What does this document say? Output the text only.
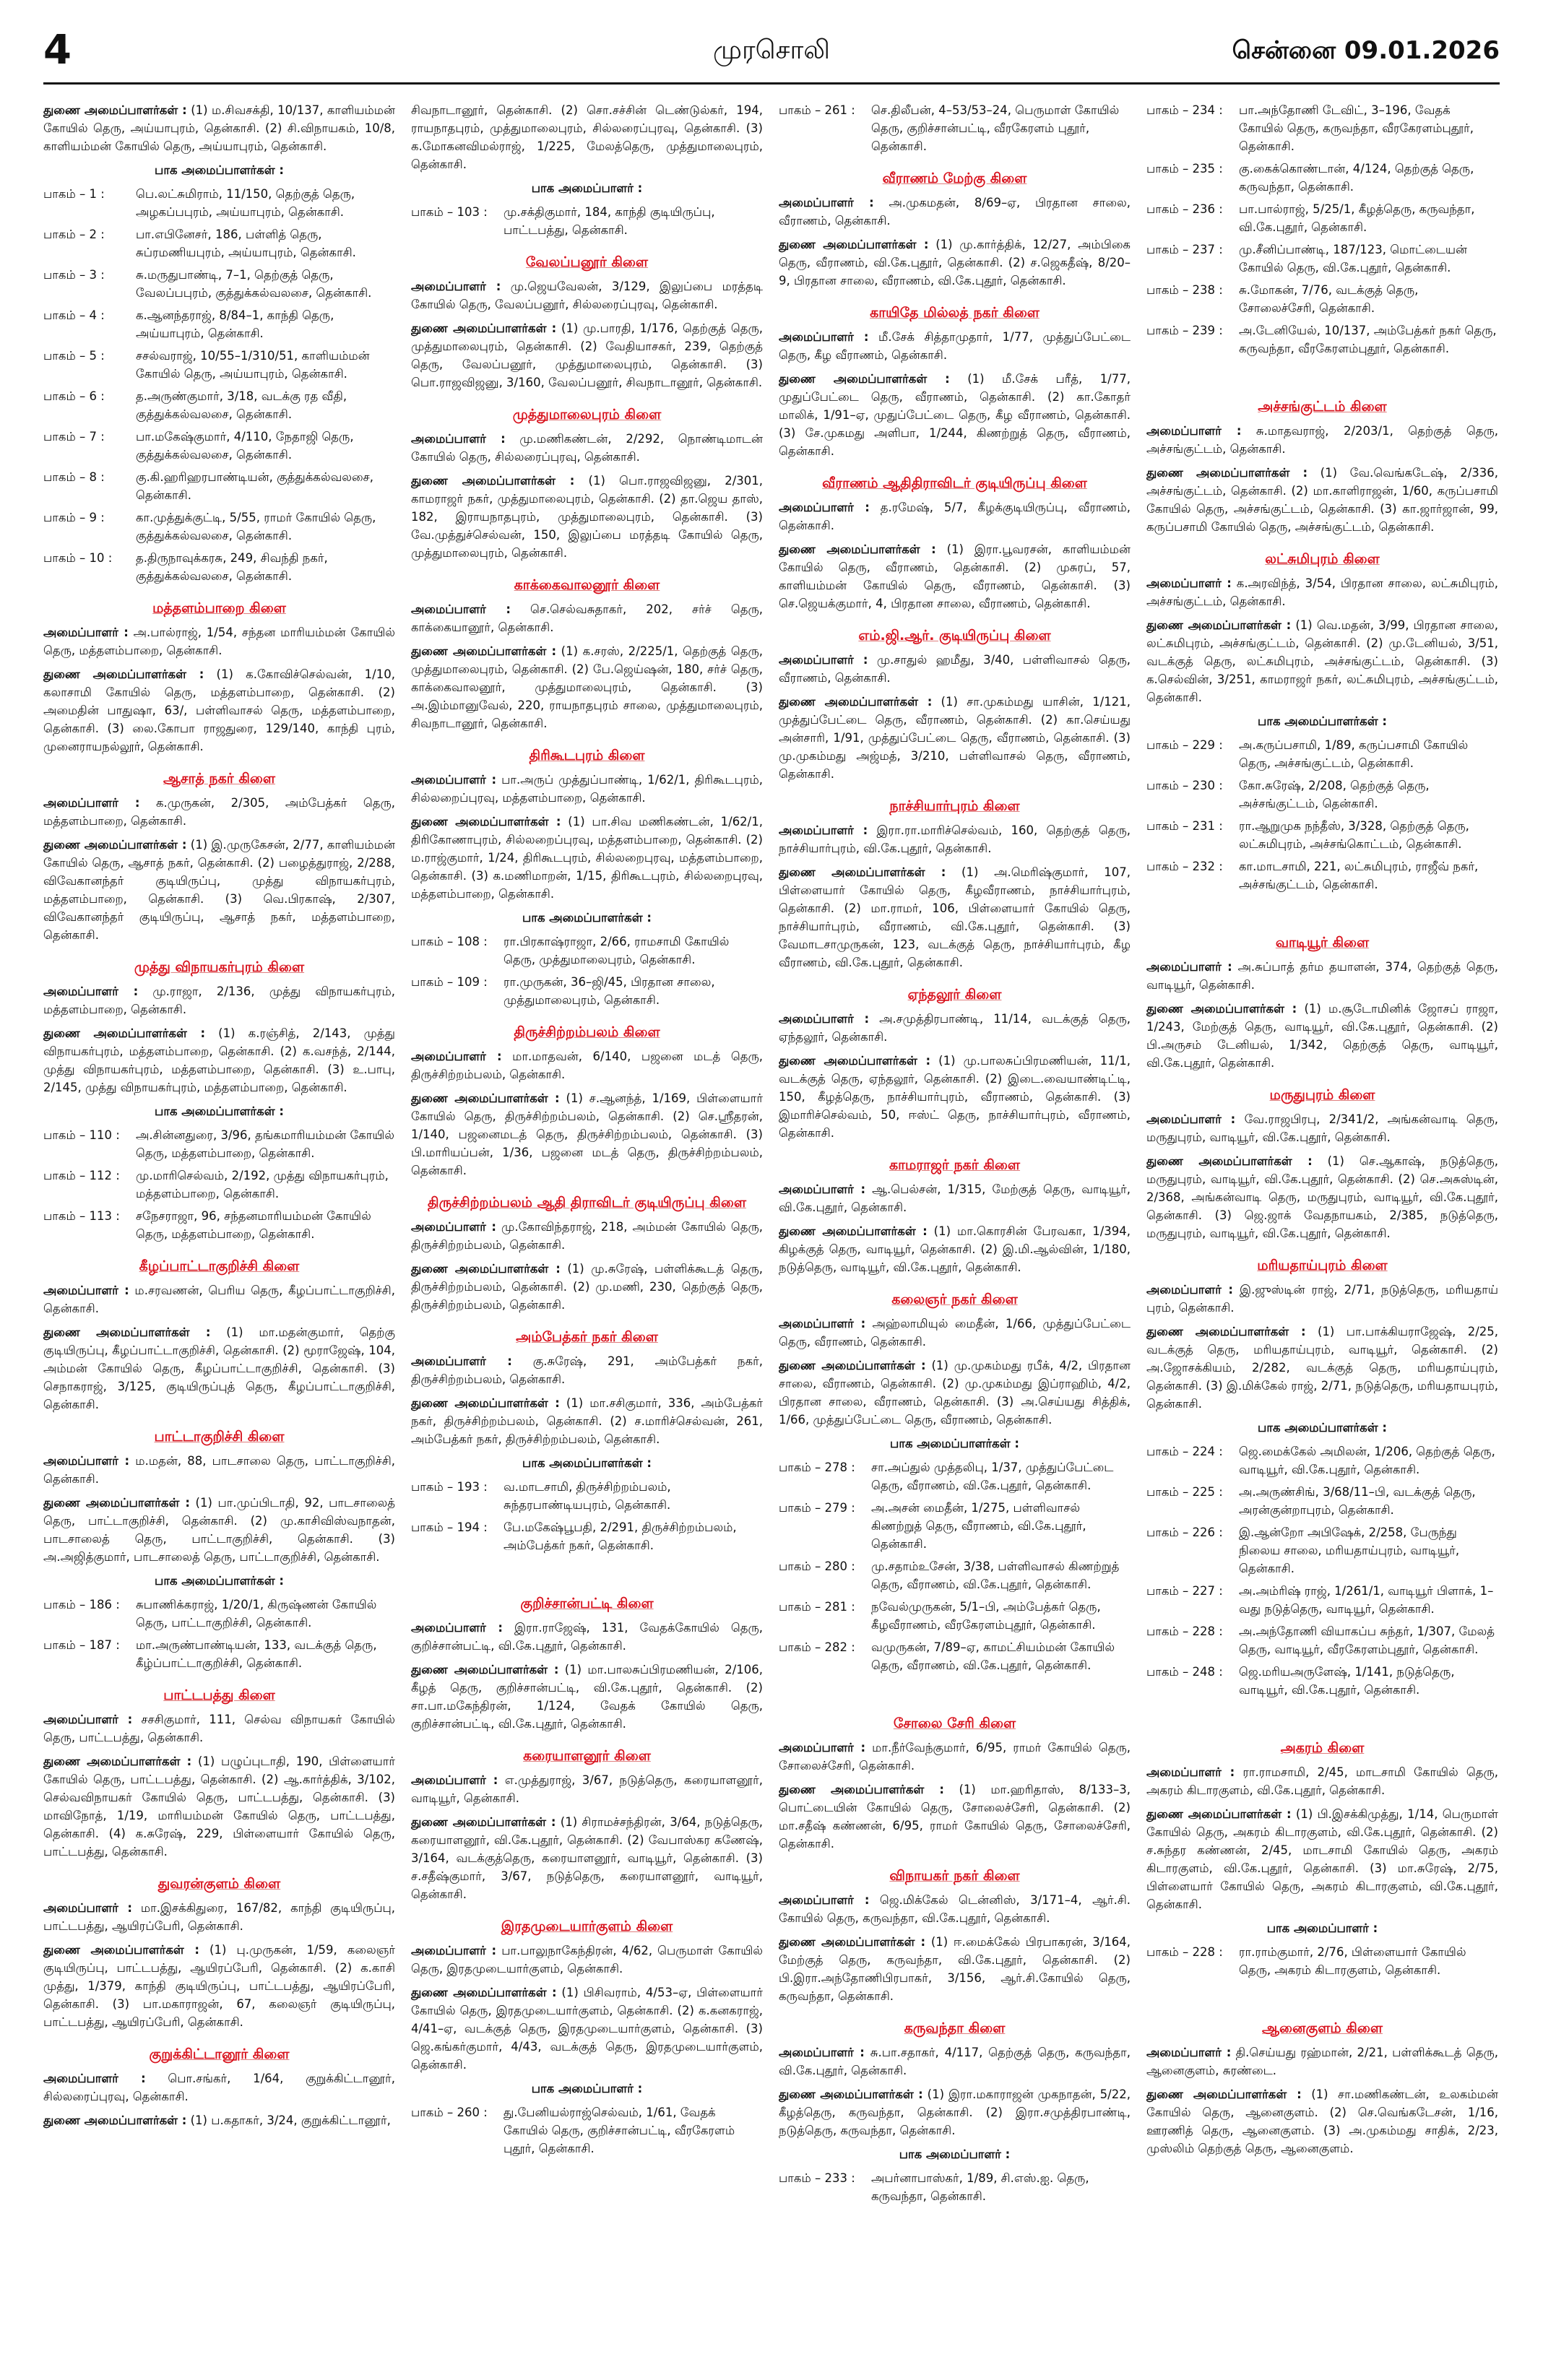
4	முரசொலி	சென்னை 09.01.2026

துணை அமைப்பாளர்கள் : (1) ம.சிவசக்தி, 10/137, காளியம்மன் கோயில் தெரு, அய்யாபுரம், தென்காசி. (2) சி.விநாயகம், 10/8, காளியம்மன் கோயில் தெரு, அய்யாபுரம், தென்காசி.

பாக அமைப்பாளர்கள் :
பாகம் – 1 :	பெ.லட்சுமிராம், 11/150, தெற்குத் தெரு, அழகப்பபுரம், அய்யாபுரம், தென்காசி.
பாகம் – 2 :	பா.எபினேசர், 186, பள்ளித் தெரு, சுப்ரமணியபுரம், அய்யாபுரம், தென்காசி.
பாகம் – 3 :	சு.மருதுபாண்டி, 7–1, தெற்குத் தெரு, வேலப்பபுரம், குத்துக்கல்வலசை, தென்காசி.
பாகம் – 4 :	க.ஆனந்தராஜ், 8/84–1, காந்தி தெரு, அய்யாபுரம், தென்காசி.
பாகம் – 5 :	சசல்வராஜ், 10/55–1/310/51, காளியம்மன் கோயில் தெரு, அய்யாபுரம், தென்காசி.
பாகம் – 6 :	த.அருண்குமார், 3/18, வடக்கு ரத வீதி, குத்துக்கல்வலசை, தென்காசி.
பாகம் – 7 :	பா.மகேஷ்குமார், 4/110, நேதாஜி தெரு, குத்துக்கல்வலசை, தென்காசி.
பாகம் – 8 :	கு.கி.ஹரிஹரபாண்டியன், குத்துக்கல்வலசை, தென்காசி.
பாகம் – 9 :	கா.முத்துக்குட்டி, 5/55, ராமர் கோயில் தெரு, குத்துக்கல்வலசை, தென்காசி.
பாகம் – 10 :	த.திருநாவுக்கரசு, 249, சிவந்தி நகர், குத்துக்கல்வலசை, தென்காசி.
மத்தளம்பாறை கிளை

அமைப்பாளர் : அ.பால்ராஜ், 1/54, சந்தன மாரியம்மன் கோயில் தெரு, மத்தளம்பாறை, தென்காசி.

துணை அமைப்பாளர்கள் : (1) க.கோவிச்செல்வன், 1/10, கலாசாமி கோயில் தெரு, மத்தளம்பாறை, தென்காசி. (2) அமைதின் பாதுஷா, 63/, பள்ளிவாசல் தெரு, மத்தளம்பாறை, தென்காசி. (3) லை.கோபா ராஜதுரை, 129/140, காந்தி புரம், முனைராயநல்லூர், தென்காசி.

ஆசாத் நகர் கிளை

அமைப்பாளர் : க.முருகன், 2/305, அம்பேத்கர் தெரு, மத்தளம்பாறை, தென்காசி.

துணை அமைப்பாளர்கள் : (1) இ.முருகேசன், 2/77, காளியம்மன் கோயில் தெரு, ஆசாத் நகர், தென்காசி. (2) பழைத்துராஜ், 2/288, விவேகானந்தர் குடியிருப்பு, முத்து விநாயகர்புரம், மத்தளம்பாறை, தென்காசி. (3) வெ.பிரகாஷ், 2/307, விவேகானந்தர் குடியிருப்பு, ஆசாத் நகர், மத்தளம்பாறை, தென்காசி.

முத்து விநாயகர்புரம் கிளை

அமைப்பாளர் : மு.ராஜா, 2/136, முத்து விநாயகர்புரம், மத்தளம்பாறை, தென்காசி.

துணை அமைப்பாளர்கள் : (1) க.ரஞ்சித், 2/143, முத்து விநாயகர்புரம், மத்தளம்பாறை, தென்காசி. (2) க.வசந்த், 2/144, முத்து விநாயகர்புரம், மத்தளம்பாறை, தென்காசி. (3) உ.பாபு, 2/145, முத்து விநாயகர்புரம், மத்தளம்பாறை, தென்காசி.

பாக அமைப்பாளர்கள் :
பாகம் – 110 :	அ.சின்னதுரை, 3/96, தங்கமாரியம்மன் கோயில் தெரு, மத்தளம்பாறை, தென்காசி.
பாகம் – 112 :	மு.மாரிசெல்வம், 2/192, முத்து விநாயகர்புரம், மத்தளம்பாறை, தென்காசி.
பாகம் – 113 :	சநேசராஜா, 96, சந்தனமாரியம்மன் கோயில் தெரு, மத்தளம்பாறை, தென்காசி.
கீழப்பாட்டாகுறிச்சி கிளை

அமைப்பாளர் : ம.சரவணன், பெரிய தெரு, கீழப்பாட்டாகுறிச்சி, தென்காசி.

துணை அமைப்பாளர்கள் : (1) மா.மதன்குமார், தெற்கு குடியிருப்பு, கீழப்பாட்டாகுறிச்சி, தென்காசி. (2) மூராஜேஷ், 104, அம்மன் கோயில் தெரு, கீழப்பாட்டாகுறிச்சி, தென்காசி. (3) செநாகராஜ், 3/125, குடியிருப்புத் தெரு, கீழப்பாட்டாகுறிச்சி, தென்காசி.

பாட்டாகுறிச்சி கிளை

அமைப்பாளர் : ம.மதன், 88, பாடசாலை தெரு, பாட்டாகுறிச்சி, தென்காசி.

துணை அமைப்பாளர்கள் : (1) பா.முப்பிடாதி, 92, பாடசாலைத் தெரு, பாட்டாகுறிச்சி, தென்காசி. (2) மு.காசிவிஸ்வநாதன், பாடசாலைத் தெரு, பாட்டாகுறிச்சி, தென்காசி. (3) அ.அஜித்குமார், பாடசாலைத் தெரு, பாட்டாகுறிச்சி, தென்காசி.

பாக அமைப்பாளர்கள் :
பாகம் – 186 :	சுபாணிக்கராஜ், 1/20/1, கிருஷ்ணன் கோயில் தெரு, பாட்டாகுறிச்சி, தென்காசி.
பாகம் – 187 :	மா.அருண்பாண்டியன், 133, வடக்குத் தெரு, கீழ்ப்பாட்டாகுறிச்சி, தென்காசி.
பாட்டபத்து கிளை

அமைப்பாளர் : சசசிகுமார், 111, செல்வ விநாயகர் கோயில் தெரு, பாட்டபத்து, தென்காசி.

துணை அமைப்பாளர்கள் : (1) பழுப்புடாதி, 190, பிள்ளையார் கோயில் தெரு, பாட்டபத்து, தென்காசி. (2) ஆ.கார்த்திக், 3/102, செல்வவிநாயகர் கோயில் தெரு, பாட்டபத்து, தென்காசி. (3) மாவிநோத், 1/19, மாரியம்மன் கோயில் தெரு, பாட்டபத்து, தென்காசி. (4) க.சுரேஷ், 229, பிள்ளையார் கோயில் தெரு, பாட்டபத்து, தென்காசி.

துவரன்குளம் கிளை

அமைப்பாளர் : மா.இசக்கிதுரை, 167/82, காந்தி குடியிருப்பு, பாட்டபத்து, ஆயிரப்பேரி, தென்காசி.

துணை அமைப்பாளர்கள் : (1) பு.முருகன், 1/59, கலைஞர் குடியிருப்பு, பாட்டபத்து, ஆயிரப்பேரி, தென்காசி. (2) க.காசி முத்து, 1/379, காந்தி குடியிருப்பு, பாட்டபத்து, ஆயிரப்பேரி, தென்காசி. (3) பா.மகாராஜன், 67, கலைஞர் குடியிருப்பு, பாட்டபத்து, ஆயிரப்பேரி, தென்காசி.

குறுக்கிட்டானூர் கிளை

அமைப்பாளர் : பொ.சங்கர், 1/64, குறுக்கிட்டானூர், சில்லரைப்புரவு, தென்காசி.

துணை அமைப்பாளர்கள் : (1) ப.கதாகர், 3/24, குறுக்கிட்டானூர்,

சிவநாடானூர், தென்காசி. (2) சொ.சச்சின் டெண்டுல்கர், 194, ராயநாதபுரம், முத்துமாலைபுரம், சில்லரைப்புரவு, தென்காசி. (3) க.மோகனவிமல்ராஜ், 1/225, மேலத்தெரு, முத்துமாலைபுரம், தென்காசி.

பாக அமைப்பாளர் :
பாகம் – 103 :	மு.சக்திகுமார், 184, காந்தி குடியிருப்பு, பாட்டபத்து, தென்காசி.
வேலப்பனூர் கிளை

அமைப்பாளர் : மு.ஜெயவேலன், 3/129, இலுப்பை மரத்தடி கோயில் தெரு, வேலப்பனூர், சில்லரைப்புரவு, தென்காசி.

துணை அமைப்பாளர்கள் : (1) மு.பாரதி, 1/176, தெற்குத் தெரு, முத்துமாலைபுரம், தென்காசி. (2) வேதியாசகர், 239, தெற்குத் தெரு, வேலப்பனூர், முத்துமாலைபுரம், தென்காசி. (3) பொ.ராஜவிஜனு, 3/160, வேலப்பனூர், சிவநாடானூர், தென்காசி.

முத்துமாலைபுரம் கிளை

அமைப்பாளர் : மு.மணிகண்டன், 2/292, நொண்டிமாடன் கோயில் தெரு, சில்லரைப்புரவு, தென்காசி.

துணை அமைப்பாளர்கள் : (1) பொ.ராஜவிஜனு, 2/301, காமராஜர் நகர், முத்துமாலைபுரம், தென்காசி. (2) தா.ஜெய தாஸ், 182, இராயநாதபுரம், முத்துமாலைபுரம், தென்காசி. (3) வே.முத்துச்செல்வன், 150, இலுப்பை மரத்தடி கோயில் தெரு, முத்துமாலைபுரம், தென்காசி.

காக்கைவாலனூர் கிளை

அமைப்பாளர் : செ.செல்வசுதாகர், 202, சர்ச் தெரு, காக்கையானூர், தென்காசி.

துணை அமைப்பாளர்கள் : (1) க.சரஸ், 2/225/1, தெற்குத் தெரு, முத்துமாலைபுரம், தென்காசி. (2) பே.ஜெய்ஷன், 180, சர்ச் தெரு, காக்கைவாலனூர், முத்துமாலைபுரம், தென்காசி. (3) அ.இம்மானுவேல், 220, ராயநாதபுரம் சாலை, முத்துமாலைபுரம், சிவநாடானூர், தென்காசி.

திரிகூடபுரம் கிளை

அமைப்பாளர் : பா.அருப் முத்துப்பாண்டி, 1/62/1, திரிகூடபுரம், சில்லறைப்புரவு, மத்தளம்பாறை, தென்காசி.

துணை அமைப்பாளர்கள் : (1) பா.சிவ மணிகண்டன், 1/62/1, திரிகோணாபுரம், சில்லறைப்புரவு, மத்தளம்பாறை, தென்காசி. (2) ம.ராஜ்குமார், 1/24, திரிகூடபுரம், சில்லறைபுரவு, மத்தளம்பாறை, தென்காசி. (3) க.மணிமாறன், 1/15, திரிகூடபுரம், சில்லறைபுரவு, மத்தளம்பாறை, தென்காசி.

பாக அமைப்பாளர்கள் :
பாகம் – 108 :	ரா.பிரகாஷ்ராஜா, 2/66, ராமசாமி கோயில் தெரு, முத்துமாலைபுரம், தென்காசி.
பாகம் – 109 :	ரா.முருகன், 36–ஜி/45, பிரதான சாலை, முத்துமாலைபுரம், தென்காசி.
திருச்சிற்றம்பலம் கிளை

அமைப்பாளர் : மா.மாதவன், 6/140, பஜனை மடத் தெரு, திருச்சிற்றம்பலம், தென்காசி.

துணை அமைப்பாளர்கள் : (1) ச.ஆனந்த், 1/169, பிள்ளையார் கோயில் தெரு, திருச்சிற்றம்பலம், தென்காசி. (2) செ.ஸ்ரீதரன், 1/140, பஜனைமடத் தெரு, திருச்சிற்றம்பலம், தென்காசி. (3) பி.மாரியப்பன், 1/36, பஜனை மடத் தெரு, திருச்சிற்றம்பலம், தென்காசி.

திருச்சிற்றம்பலம் ஆதி திராவிடர் குடியிருப்பு கிளை

அமைப்பாளர் : மு.கோவிந்தராஜ், 218, அம்மன் கோயில் தெரு, திருச்சிற்றம்பலம், தென்காசி.

துணை அமைப்பாளர்கள் : (1) மு.சுரேஷ், பள்ளிக்கூடத் தெரு, திருச்சிற்றம்பலம், தென்காசி. (2) மு.மணி, 230, தெற்குத் தெரு, திருச்சிற்றம்பலம், தென்காசி.

அம்பேத்கர் நகர் கிளை

அமைப்பாளர் : கு.சுரேஷ், 291, அம்பேத்கர் நகர், திருச்சிற்றம்பலம், தென்காசி.

துணை அமைப்பாளர்கள் : (1) மா.சசிகுமார், 336, அம்பேத்கர் நகர், திருச்சிற்றம்பலம், தென்காசி. (2) ச.மாரிச்செல்வன், 261, அம்பேத்கர் நகர், திருச்சிற்றம்பலம், தென்காசி.

பாக அமைப்பாளர்கள் :
பாகம் – 193 :	வ.மாடசாமி, திருச்சிற்றம்பலம், சுந்தரபாண்டியபுரம், தென்காசி.
பாகம் – 194 :	பே.மகேஷ்பூபதி, 2/291, திருச்சிற்றம்பலம், அம்பேத்கர் நகர், தென்காசி.
குறிச்சான்பட்டி கிளை

அமைப்பாளர் : இரா.ராஜேஷ், 131, வேதக்கோயில் தெரு, குறிச்சான்பட்டி, வி.கே.புதூர், தென்காசி.

துணை அமைப்பாளர்கள் : (1) மா.பாலசுப்பிரமணியன், 2/106, கீழத் தெரு, குறிச்சான்பட்டி, வி.கே.புதூர், தென்காசி. (2) சா.பா.மகேந்திரன், 1/124, வேதக் கோயில் தெரு, குறிச்சான்பட்டி, வி.கே.புதூர், தென்காசி.

கரையாளனூர் கிளை

அமைப்பாளர் : எ.முத்துராஜ், 3/67, நடுத்தெரு, கரையாளனூர், வாடியூர், தென்காசி.

துணை அமைப்பாளர்கள் : (1) சிராமச்சந்திரன், 3/64, நடுத்தெரு, கரையாளனூர், வி.கே.புதூர், தென்காசி. (2) வேபாஸ்கர கணேஷ், 3/164, வடக்குத்தெரு, கரையாளனூர், வாடியூர், தென்காசி. (3) ச.சதீஷ்குமார், 3/67, நடுத்தெரு, கரையாளனூர், வாடியூர், தென்காசி.

இரதமுடையார்குளம் கிளை

அமைப்பாளர் : பா.பாலுநாகேந்திரன், 4/62, பெருமாள் கோயில் தெரு, இரதமுடையார்குளம், தென்காசி.

துணை அமைப்பாளர்கள் : (1) பிசிவராம், 4/53–ஏ, பிள்ளையார் கோயில் தெரு, இரதமுடையார்குளம், தென்காசி. (2) க.கனகராஜ், 4/41–ஏ, வடக்குத் தெரு, இரதமுடையார்குளம், தென்காசி. (3) ஜெ.கங்கர்குமார், 4/43, வடக்குத் தெரு, இரதமுடையார்குளம், தென்காசி.

பாக அமைப்பாளர் :
பாகம் – 260 :	து.பேனியல்ராஜ்செல்வம், 1/61, வேதக் கோயில் தெரு, குறிச்சான்பட்டி, வீரகேரளம் புதூர், தென்காசி.
பாகம் – 261 :	செ.திலீபன், 4–53/53–24, பெருமாள் கோயில் தெரு, குறிச்சான்பட்டி, வீரகேரளம் புதூர், தென்காசி.
வீராணம் மேற்கு கிளை

அமைப்பாளர் : அ.முகமதன், 8/69–ஏ, பிரதான சாலை, வீராணம், தென்காசி.

துணை அமைப்பாளர்கள் : (1) மு.கார்த்திக், 12/27, அம்பிகை தெரு, வீராணம், வி.கே.புதூர், தென்காசி. (2) ச.ஜெகதீஷ், 8/20–9, பிரதான சாலை, வீராணம், வி.கே.புதூர், தென்காசி.

காயிதே மில்லத் நகர் கிளை

அமைப்பாளர் : மீ.சேக் சித்தாமுதார், 1/77, முத்துப்பேட்டை தெரு, கீழ வீராணம், தென்காசி.

துணை அமைப்பாளர்கள் : (1) மீ.சேக் பரீத், 1/77, முதுப்பேட்டை தெரு, வீராணம், தென்காசி. (2) கா.கோதர் மாலிக், 1/91–ஏ, முதுப்பேட்டை தெரு, கீழ வீராணம், தென்காசி. (3) சே.முகமது அளிபா, 1/244, கிணற்றுத் தெரு, வீராணம், தென்காசி.

வீராணம் ஆதிதிராவிடர் குடியிருப்பு கிளை

அமைப்பாளர் : த.ரமேஷ், 5/7, கீழக்குடியிருப்பு, வீராணம், தென்காசி.

துணை அமைப்பாளர்கள் : (1) இரா.பூவரசன், காளியம்மன் கோயில் தெரு, வீராணம், தென்காசி. (2) முசுரப், 57, காளியம்மன் கோயில் தெரு, வீராணம், தென்காசி. (3) செ.ஜெயக்குமார், 4, பிரதான சாலை, வீராணம், தென்காசி.

எம்.ஜி.ஆர். குடியிருப்பு கிளை

அமைப்பாளர் : மு.சாதுல் ஹமீது, 3/40, பள்ளிவாசல் தெரு, வீராணம், தென்காசி.

துணை அமைப்பாளர்கள் : (1) சா.முகம்மது யாசின், 1/121, முத்துப்பேட்டை தெரு, வீராணம், தென்காசி. (2) கா.செய்யது அன்சாரி, 1/91, முத்துப்பேட்டை தெரு, வீராணம், தென்காசி. (3) மு.முகம்மது அஜ்மத், 3/210, பள்ளிவாசல் தெரு, வீராணம், தென்காசி.

நாச்சியார்புரம் கிளை

அமைப்பாளர் : இரா.ரா.மாரிச்செல்வம், 160, தெற்குத் தெரு, நாச்சியார்புரம், வி.கே.புதூர், தென்காசி.

துணை அமைப்பாளர்கள் : (1) அ.மெரிஷ்குமார், 107, பிள்ளையார் கோயில் தெரு, கீழவீராணம், நாச்சியார்புரம், தென்காசி. (2) மா.ராமர், 106, பிள்ளையார் கோயில் தெரு, நாச்சியார்புரம், வீராணம், வி.கே.புதூர், தென்காசி. (3) வேமாடசாமுருகன், 123, வடக்குத் தெரு, நாச்சியார்புரம், கீழ வீராணம், வி.கே.புதூர், தென்காசி.

ஏந்தலூர் கிளை

அமைப்பாளர் : அ.சமுத்திரபாண்டி, 11/14, வடக்குத் தெரு, ஏந்தலூர், தென்காசி.

துணை அமைப்பாளர்கள் : (1) மு.பாலசுப்பிரமணியன், 11/1, வடக்குத் தெரு, ஏந்தலூர், தென்காசி. (2) இடை.வையாண்டிட்டி, 150, கீழத்தெரு, நாச்சியார்புரம், வீராணம், தென்காசி. (3) இமாரிச்செல்வம், 50, ஈஸ்ட் தெரு, நாச்சியார்புரம், வீராணம், தென்காசி.

காமராஜர் நகர் கிளை

அமைப்பாளர் : ஆ.பெல்சன், 1/315, மேற்குத் தெரு, வாடியூர், வி.கே.புதூர், தென்காசி.

துணை அமைப்பாளர்கள் : (1) மா.கொரசின் பேரவகா, 1/394, கிழக்குத் தெரு, வாடியூர், தென்காசி. (2) இ.மி.ஆல்வின், 1/180, நடுத்தெரு, வாடியூர், வி.கே.புதூர், தென்காசி.

கலைஞர் நகர் கிளை

அமைப்பாளர் : அஹ்லாமியுல் மைதீன், 1/66, முத்துப்பேட்டை தெரு, வீராணம், தென்காசி.

துணை அமைப்பாளர்கள் : (1) மு.முகம்மது ரபீக், 4/2, பிரதான சாலை, வீராணம், தென்காசி. (2) மு.முகம்மது இப்ராஹிம், 4/2, பிரதான சாலை, வீராணம், தென்காசி. (3) அ.செய்யது சித்திக், 1/66, முத்துப்பேட்டை தெரு, வீராணம், தென்காசி.

பாக அமைப்பாளர்கள் :
பாகம் – 278 :	சா.அப்துல் முத்தலிபு, 1/37, முத்துப்பேட்டை தெரு, வீராணம், வி.கே.புதூர், தென்காசி.
பாகம் – 279 :	அ.அசன் மைதீன், 1/275, பள்ளிவாசல் கிணற்றுத் தெரு, வீராணம், வி.கே.புதூர், தென்காசி.
பாகம் – 280 :	மு.சதாம்உசேன், 3/38, பள்ளிவாசல் கிணற்றுத் தெரு, வீராணம், வி.கே.புதூர், தென்காசி.
பாகம் – 281 :	நவேல்முருகன், 5/1–பி, அம்பேத்கர் தெரு, கீழவீராணம், வீரகேரளம்புதூர், தென்காசி.
பாகம் – 282 :	வமுருகன், 7/89–ஏ, காமட்சியம்மன் கோயில் தெரு, வீராணம், வி.கே.புதூர், தென்காசி.
சோலை சேரி கிளை

அமைப்பாளர் : மா.நீர்வேந்குமார், 6/95, ராமர் கோயில் தெரு, சோலைச்சேரி, தென்காசி.

துணை அமைப்பாளர்கள் : (1) மா.ஹரிதாஸ், 8/133–3, பொட்டையின் கோயில் தெரு, சோலைச்சேரி, தென்காசி. (2) மா.சதீஷ் கண்ணன், 6/95, ராமர் கோயில் தெரு, சோலைச்சேரி, தென்காசி.

விநாயகர் நகர் கிளை

அமைப்பாளர் : ஜெ.மிக்கேல் டென்னிஸ், 3/171–4, ஆர்.சி. கோயில் தெரு, கருவந்தா, வி.கே.புதூர், தென்காசி.

துணை அமைப்பாளர்கள் : (1) ஈ.மைக்கேல் பிரபாகரன், 3/164, மேற்குத் தெரு, கருவந்தா, வி.கே.புதூர், தென்காசி. (2) பி.இரா.அந்தோணிபிரபாகர், 3/156, ஆர்.சி.கோயில் தெரு, கருவந்தா, தென்காசி.

கருவந்தா கிளை

அமைப்பாளர் : சு.பா.சதாகர், 4/117, தெற்குத் தெரு, கருவந்தா, வி.கே.புதூர், தென்காசி.

துணை அமைப்பாளர்கள் : (1) இரா.மகாராஜன் முகநாதன், 5/22, கீழத்தெரு, கருவந்தா, தென்காசி. (2) இரா.சமுத்திரபாண்டி, நடுத்தெரு, கருவந்தா, தென்காசி.

பாக அமைப்பாளர் :
பாகம் – 233 :	அபர்னாபாஸ்கர், 1/89, சி.எஸ்.ஐ. தெரு, கருவந்தா, தென்காசி.
பாகம் – 234 :	பா.அந்தோணி டேவிட், 3–196, வேதக் கோயில் தெரு, கருவந்தா, வீரகேரளம்புதூர், தென்காசி.
பாகம் – 235 :	கு.கைக்கொண்டான், 4/124, தெற்குத் தெரு, கருவந்தா, தென்காசி.
பாகம் – 236 :	பா.பால்ராஜ், 5/25/1, கீழத்தெரு, கருவந்தா, வி.கே.புதூர், தென்காசி.
பாகம் – 237 :	மு.சீனிப்பாண்டி, 187/123, மொட்டையன் கோயில் தெரு, வி.கே.புதூர், தென்காசி.
பாகம் – 238 :	சு.மோகன், 7/76, வடக்குத் தெரு, சோலைச்சேரி, தென்காசி.
பாகம் – 239 :	அ.டேனியேல், 10/137, அம்பேத்கர் நகர் தெரு, கருவந்தா, வீரகேரளம்புதூர், தென்காசி.
அச்சங்குட்டம் கிளை

அமைப்பாளர் : சு.மாதவராஜ், 2/203/1, தெற்குத் தெரு, அச்சங்குட்டம், தென்காசி.

துணை அமைப்பாளர்கள் : (1) வே.வெங்கடேஷ், 2/336, அச்சங்குட்டம், தென்காசி. (2) மா.காளிராஜன், 1/60, கருப்பசாமி கோயில் தெரு, அச்சங்குட்டம், தென்காசி. (3) கா.ஜார்ஜான், 99, கருப்பசாமி கோயில் தெரு, அச்சங்குட்டம், தென்காசி.

லட்சுமிபுரம் கிளை

அமைப்பாளர் : க.அரவிந்த், 3/54, பிரதான சாலை, லட்சுமிபுரம், அச்சங்குட்டம், தென்காசி.

துணை அமைப்பாளர்கள் : (1) வெ.மதன், 3/99, பிரதான சாலை, லட்சுமிபுரம், அச்சங்குட்டம், தென்காசி. (2) மு.டேனியல், 3/51, வடக்குத் தெரு, லட்சுமிபுரம், அச்சங்குட்டம், தென்காசி. (3) க.செல்வின், 3/251, காமராஜர் நகர், லட்சுமிபுரம், அச்சங்குட்டம், தென்காசி.

பாக அமைப்பாளர்கள் :
பாகம் – 229 :	அ.கருப்பசாமி, 1/89, கருப்பசாமி கோயில் தெரு, அச்சங்குட்டம், தென்காசி.
பாகம் – 230 :	கோ.சுரேஷ், 2/208, தெற்குத் தெரு, அச்சங்குட்டம், தென்காசி.
பாகம் – 231 :	ரா.ஆறுமுக நந்தீஸ், 3/328, தெற்குத் தெரு, லட்சுமிபுரம், அச்சங்கொட்டம், தென்காசி.
பாகம் – 232 :	கா.மாடசாமி, 221, லட்சுமிபுரம், ராஜீவ் நகர், அச்சங்குட்டம், தென்காசி.
வாடியூர் கிளை

அமைப்பாளர் : அ.சுப்பாத் தர்ம தயாளன், 374, தெற்குத் தெரு, வாடியூர், தென்காசி.

துணை அமைப்பாளர்கள் : (1) ம.சூடோமினிக் ஜோசப் ராஜா, 1/243, மேற்குத் தெரு, வாடியூர், வி.கே.புதூர், தென்காசி. (2) பி.அருசம் டேனியல், 1/342, தெற்குத் தெரு, வாடியூர், வி.கே.புதூர், தென்காசி.

மருதுபுரம் கிளை

அமைப்பாளர் : வே.ராஜபிரபு, 2/341/2, அங்கன்வாடி தெரு, மருதுபுரம், வாடியூர், வி.கே.புதூர், தென்காசி.

துணை அமைப்பாளர்கள் : (1) செ.ஆகாஷ், நடுத்தெரு, மருதுபுரம், வாடியூர், வி.கே.புதூர், தென்காசி. (2) செ.அசுஸ்டின், 2/368, அங்கன்வாடி தெரு, மருதுபுரம், வாடியூர், வி.கே.புதூர், தென்காசி. (3) ஜெ.ஜாக் வேதநாயகம், 2/385, நடுத்தெரு, மருதுபுரம், வாடியூர், வி.கே.புதூர், தென்காசி.

மரியதாய்புரம் கிளை

அமைப்பாளர் : இ.ஜுஸ்டின் ராஜ், 2/71, நடுத்தெரு, மரியதாய் புரம், தென்காசி.

துணை அமைப்பாளர்கள் : (1) பா.பாக்கியராஜேஷ், 2/25, வடக்குத் தெரு, மரியதாய்புரம், வாடியூர், தென்காசி. (2) அ.ஜோசக்கியம், 2/282, வடக்குத் தெரு, மரியதாய்புரம், தென்காசி. (3) இ.மிக்கேல் ராஜ், 2/71, நடுத்தெரு, மரியதாயபுரம், தென்காசி.

பாக அமைப்பாளர்கள் :
பாகம் – 224 :	ஜெ.மைக்கேல் அமிலன், 1/206, தெற்குத் தெரு, வாடியூர், வி.கே.புதூர், தென்காசி.
பாகம் – 225 :	அ.அருண்சிங், 3/68/11–பி, வடக்குத் தெரு, அரன்குன்றாபுரம், தென்காசி.
பாகம் – 226 :	இ.ஆன்றோ அபிஷேக், 2/258, பேருந்து நிலைய சாலை, மரியதாய்புரம், வாடியூர், தென்காசி.
பாகம் – 227 :	அ.அம்ரிஷ் ராஜ், 1/261/1, வாடியூர் பிளாக், 1–வது நடுத்தெரு, வாடியூர், தென்காசி.
பாகம் – 228 :	அ.அந்தோணி வியாகப்ப சுந்தர், 1/307, மேலத் தெரு, வாடியூர், வீரகேரளம்புதூர், தென்காசி.
பாகம் – 248 :	ஜெ.மரியஅருளேஷ், 1/141, நடுத்தெரு, வாடியூர், வி.கே.புதூர், தென்காசி.
அகரம் கிளை

அமைப்பாளர் : ரா.ராமசாமி, 2/45, மாடசாமி கோயில் தெரு, அகரம் கிடாரகுளம், வி.கே.புதூர், தென்காசி.

துணை அமைப்பாளர்கள் : (1) பி.இசக்கிமுத்து, 1/14, பெருமாள் கோயில் தெரு, அகரம் கிடாரகுளம், வி.கே.புதூர், தென்காசி. (2) ச.சுந்தர கண்ணன், 2/45, மாடசாமி கோயில் தெரு, அகரம் கிடாரகுளம், வி.கே.புதூர், தென்காசி. (3) மா.சுரேஷ், 2/75, பிள்ளையார் கோயில் தெரு, அகரம் கிடாரகுளம், வி.கே.புதூர், தென்காசி.

பாக அமைப்பாளர் :
பாகம் – 228 :	ரா.ராம்குமார், 2/76, பிள்ளையார் கோயில் தெரு, அகரம் கிடாரகுளம், தென்காசி.
ஆனைகுளம் கிளை

அமைப்பாளர் : தி.செய்யது ரஹ்மான், 2/21, பள்ளிக்கூடத் தெரு, ஆனைகுளம், சுரண்டை.

துணை அமைப்பாளர்கள் : (1) சா.மணிகண்டன், உலகம்மன் கோயில் தெரு, ஆனைகுளம். (2) செ.வெங்கடேசன், 1/16, ஊரணித் தெரு, ஆனைகுளம். (3) அ.முகம்மது சாதிக், 2/23, முஸ்லிம் தெற்குத் தெரு, ஆனைகுளம்.
